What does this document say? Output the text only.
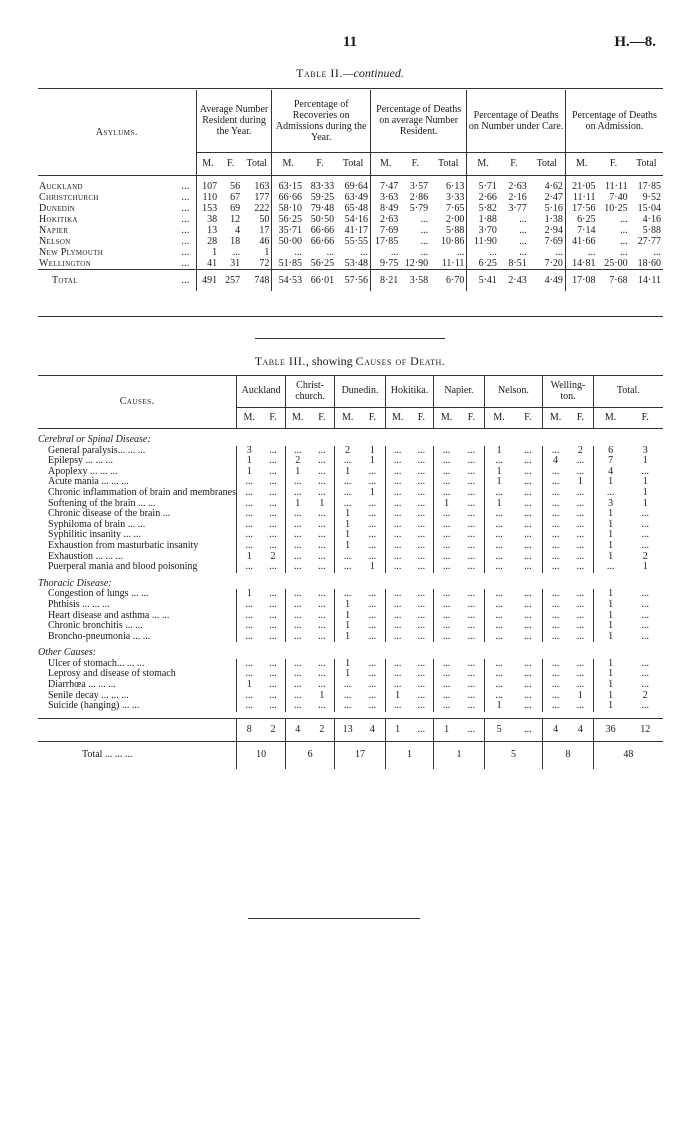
11	H.—8.
Table II.—continued.
Asylums.	Average Number Resident during the Year.			Percentage of Recoveries on Admissions during the Year.			Percentage of Deaths on average Number Resident.			Percentage of Deaths on Number under Care.			Percentage of Deaths on Admission.		
	M.	F.	Total	M.	F.	Total	M.	F.	Total	M.	F.	Total	M.	F.	Total
Auckland ...	107	56	163	63·15	83·33	69·64	7·47	3·57	6·13	5·71	2·63	4·62	21·05	11·11	17·85
Christchurch ...	110	67	177	66·66	59·25	63·49	3·63	2·86	3·33	2·66	2·16	2·47	11·11	7·40	9·52
Dunedin ...	153	69	222	58·10	79·48	65·48	8·49	5·79	7·65	5·82	3·77	5·16	17·56	10·25	15·04
Hokitika ...	38	12	50	56·25	50·50	54·16	2·63	...	2·00	1·88	...	1·38	6·25	...	4·16
Napier ...	13	4	17	35·71	66·66	41·17	7·69	...	5·88	3·70	...	2·94	7·14	...	5·88
Nelson ...	28	18	46	50·00	66·66	55·55	17·85	...	10·86	11·90	...	7·69	41·66	...	27·77
New Plymouth ...	1	...	1	...	...	...	...	...	...	...	...	...	...	...	...
Wellington ...	41	31	72	51·85	56·25	53·48	9·75	12·90	11·11	6·25	8·51	7·20	14·81	25·00	18·60
Total ...	491	257	748	54·53	66·01	57·56	8·21	3·58	6·70	5·41	2·43	4·49	17·08	7·68	14·11
Table III., showing Causes of Death.
Causes.	Auckland		Christ-church.		Dunedin.		Hokitika.		Napier.		Nelson.		Welling-ton.		Total.	
	M.	F.	M.	F.	M.	F.	M.	F.	M.	F.	M.	F.	M.	F.	M.	F.
Cerebral or Spinal Disease:																
General paralysis... ... ...	3	...	...	...	2	1	...	...	...	...	1	...	...	2	6	3
Epilepsy ... ... ...	1	...	2	...	...	1	...	...	...	...	...	...	4	...	7	1
Apoplexy ... ... ...	1	...	1	...	1	...	...	...	...	...	1	...	...	...	4	...
Acute mania ... ... ...	...	...	...	...	...	...	...	...	...	...	1	...	...	1	1	1
Chronic inflammation of brain and membranes	...	...	...	...	...	1	...	...	...	...	...	...	...	...	...	1
Softening of the brain ... ...	...	...	1	1	...	...	...	...	1	...	1	...	...	...	3	1
Chronic disease of the brain ...	...	...	...	...	1	...	...	...	...	...	...	...	...	...	1	...
Syphiloma of brain ... ...	...	...	...	...	1	...	...	...	...	...	...	...	...	...	1	...
Syphilitic insanity ... ...	...	...	...	...	1	...	...	...	...	...	...	...	...	...	1	...
Exhaustion from masturbatic insanity	...	...	...	...	1	...	...	...	...	...	...	...	...	...	1	...
Exhaustion ... ... ...	1	2	...	...	...	...	...	...	...	...	...	...	...	...	1	2
Puerperal mania and blood poisoning	...	...	...	...	...	1	...	...	...	...	...	...	...	...	...	1
Thoracic Disease:																
Congestion of lungs ... ...	1	...	...	...	...	...	...	...	...	...	...	...	...	...	1	...
Phthisis ... ... ...	...	...	...	...	1	...	...	...	...	...	...	...	...	...	1	...
Heart disease and asthma ... ...	...	...	...	...	1	...	...	...	...	...	...	...	...	...	1	...
Chronic bronchitis ... ...	...	...	...	...	1	...	...	...	...	...	...	...	...	...	1	...
Broncho-pneumonia ... ...	...	...	...	...	1	...	...	...	...	...	...	...	...	...	1	...
Other Causes:																
Ulcer of stomach... ... ...	...	...	...	...	1	...	...	...	...	...	...	...	...	...	1	...
Leprosy and disease of stomach	...	...	...	...	1	...	...	...	...	...	...	...	...	...	1	...
Diarrhœa ... ... ...	1	...	...	...	...	...	...	...	...	...	...	...	...	...	1	...
Senile decay ... ... ...	...	...	...	1	...	...	1	...	...	...	...	...	...	1	1	2
Suicide (hanging) ... ...	...	...	...	...	...	...	...	...	...	...	1	...	...	...	1	...

	8	2	4	2	13	4	1	...	1	...	5	...	4	4	36	12
Total ... ... ...	10		6		17		1		1		5		8		48	
